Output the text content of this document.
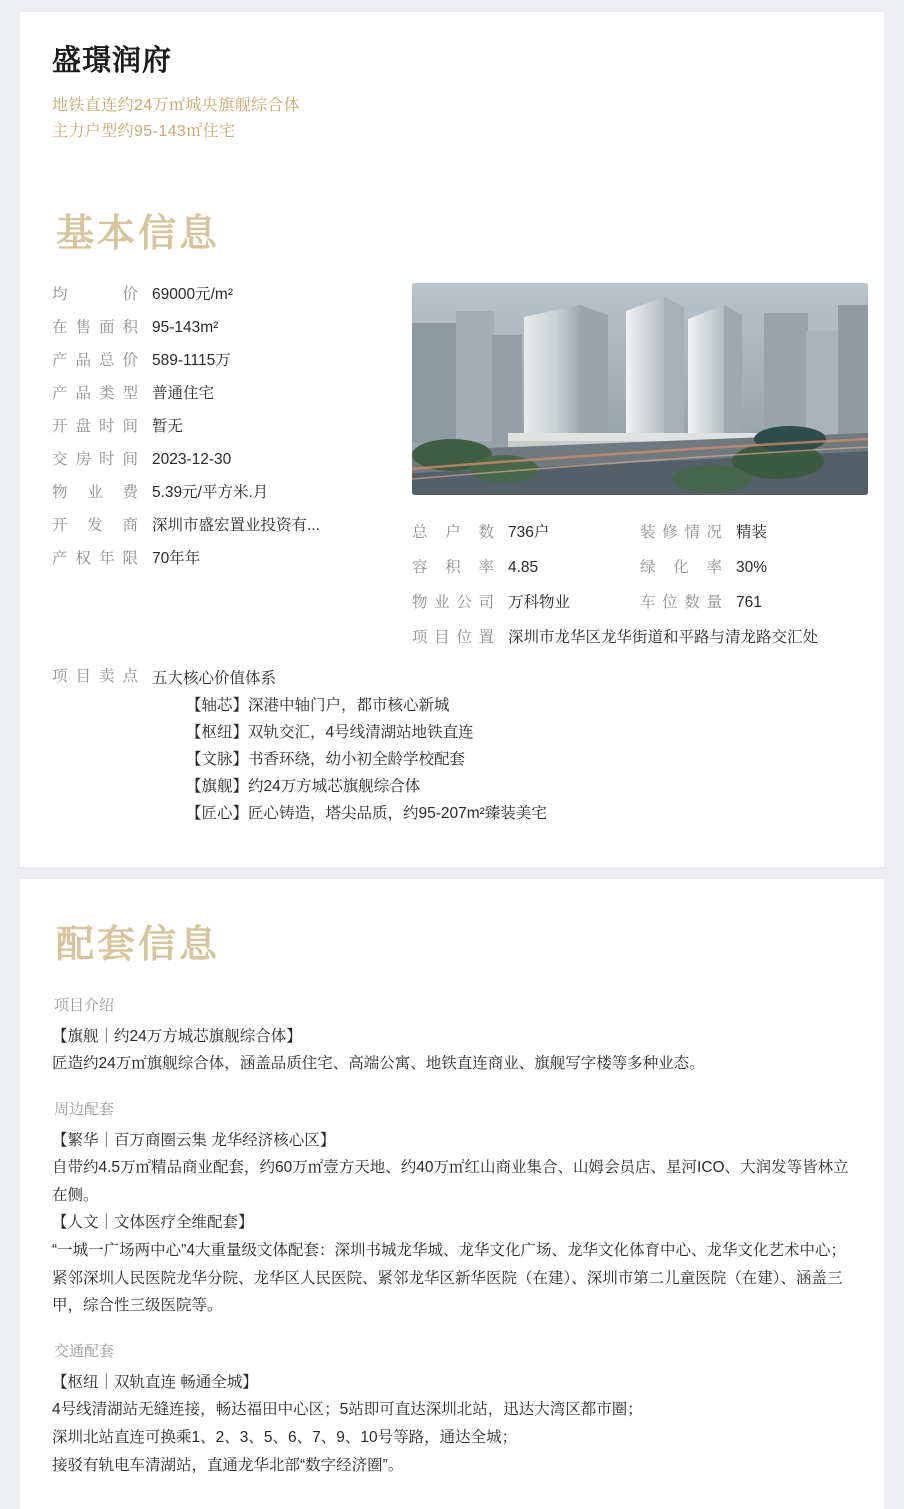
盛璟润府
地铁直连约24万㎡城央旗舰综合体
主力户型约95-143㎡住宅
基本信息
均价 69000元/m²
在售面积 95-143m²
产品总价 589-1115万
产品类型 普通住宅
开盘时间 暂无
交房时间 2023-12-30
物业费 5.39元/平方米.月
开发商 深圳市盛宏置业投资有...
产权年限 70年年
总户数 736户	装修情况 精装
容积率 4.85	绿化率 30%
物业公司 万科物业	车位数量 761
项目位置 深圳市龙华区龙华街道和平路与清龙路交汇处
项目卖点 五大核心价值体系
【轴芯】深港中轴门户，都市核心新城
【枢纽】双轨交汇，4号线清湖站地铁直连
【文脉】书香环绕，幼小初全龄学校配套
【旗舰】约24万方城芯旗舰综合体
【匠心】匠心铸造，塔尖品质，约95-207m²臻装美宅
配套信息
项目介绍

【旗舰｜约24万方城芯旗舰综合体】

匠造约24万㎡旗舰综合体，涵盖品质住宅、高端公寓、地铁直连商业、旗舰写字楼等多种业态。

周边配套

【繁华｜百万商圈云集 龙华经济核心区】

自带约4.5万㎡精品商业配套，约60万㎡壹方天地、约40万㎡红山商业集合、山姆会员店、星河ICO、大润发等皆林立在侧。

【人文｜文体医疗全维配套】

“一城一广场两中心”4大重量级文体配套：深圳书城龙华城、龙华文化广场、龙华文化体育中心、龙华文化艺术中心；

紧邻深圳人民医院龙华分院、龙华区人民医院、紧邻龙华区新华医院（在建）、深圳市第二儿童医院（在建）、涵盖三甲，综合性三级医院等。

交通配套

【枢纽｜双轨直连 畅通全城】

4号线清湖站无缝连接，畅达福田中心区；5站即可直达深圳北站，迅达大湾区都市圈；

深圳北站直连可换乘1、2、3、5、6、7、9、10号等路，通达全城；

接驳有轨电车清湖站，直通龙华北部“数字经济圈”。
